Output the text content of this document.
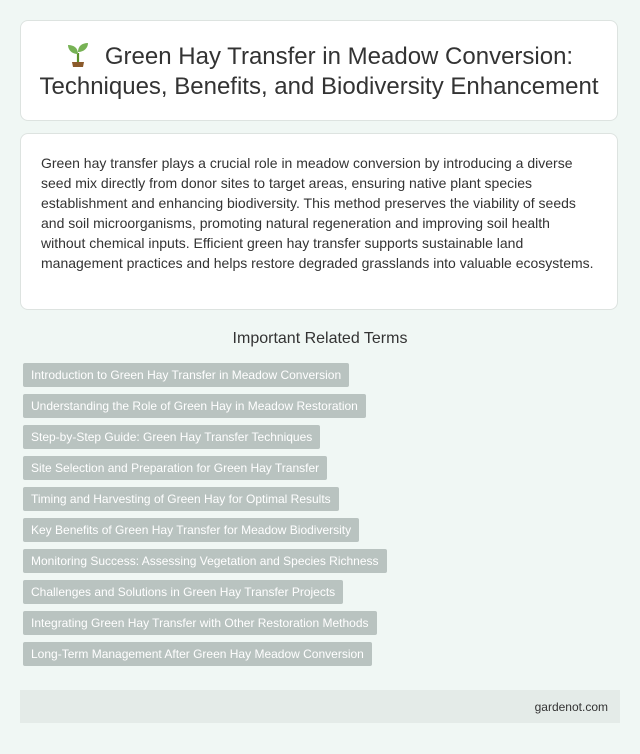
Green Hay Transfer in Meadow Conversion: Techniques, Benefits, and Biodiversity Enhancement

Green hay transfer plays a crucial role in meadow conversion by introducing a diverse seed mix directly from donor sites to target areas, ensuring native plant species establishment and enhancing biodiversity. This method preserves the viability of seeds and soil microorganisms, promoting natural regeneration and improving soil health without chemical inputs. Efficient green hay transfer supports sustainable land management practices and helps restore degraded grasslands into valuable ecosystems.

Important Related Terms
Introduction to Green Hay Transfer in Meadow Conversion
Understanding the Role of Green Hay in Meadow Restoration
Step-by-Step Guide: Green Hay Transfer Techniques
Site Selection and Preparation for Green Hay Transfer
Timing and Harvesting of Green Hay for Optimal Results
Key Benefits of Green Hay Transfer for Meadow Biodiversity
Monitoring Success: Assessing Vegetation and Species Richness
Challenges and Solutions in Green Hay Transfer Projects
Integrating Green Hay Transfer with Other Restoration Methods
Long-Term Management After Green Hay Meadow Conversion
gardenot.com
